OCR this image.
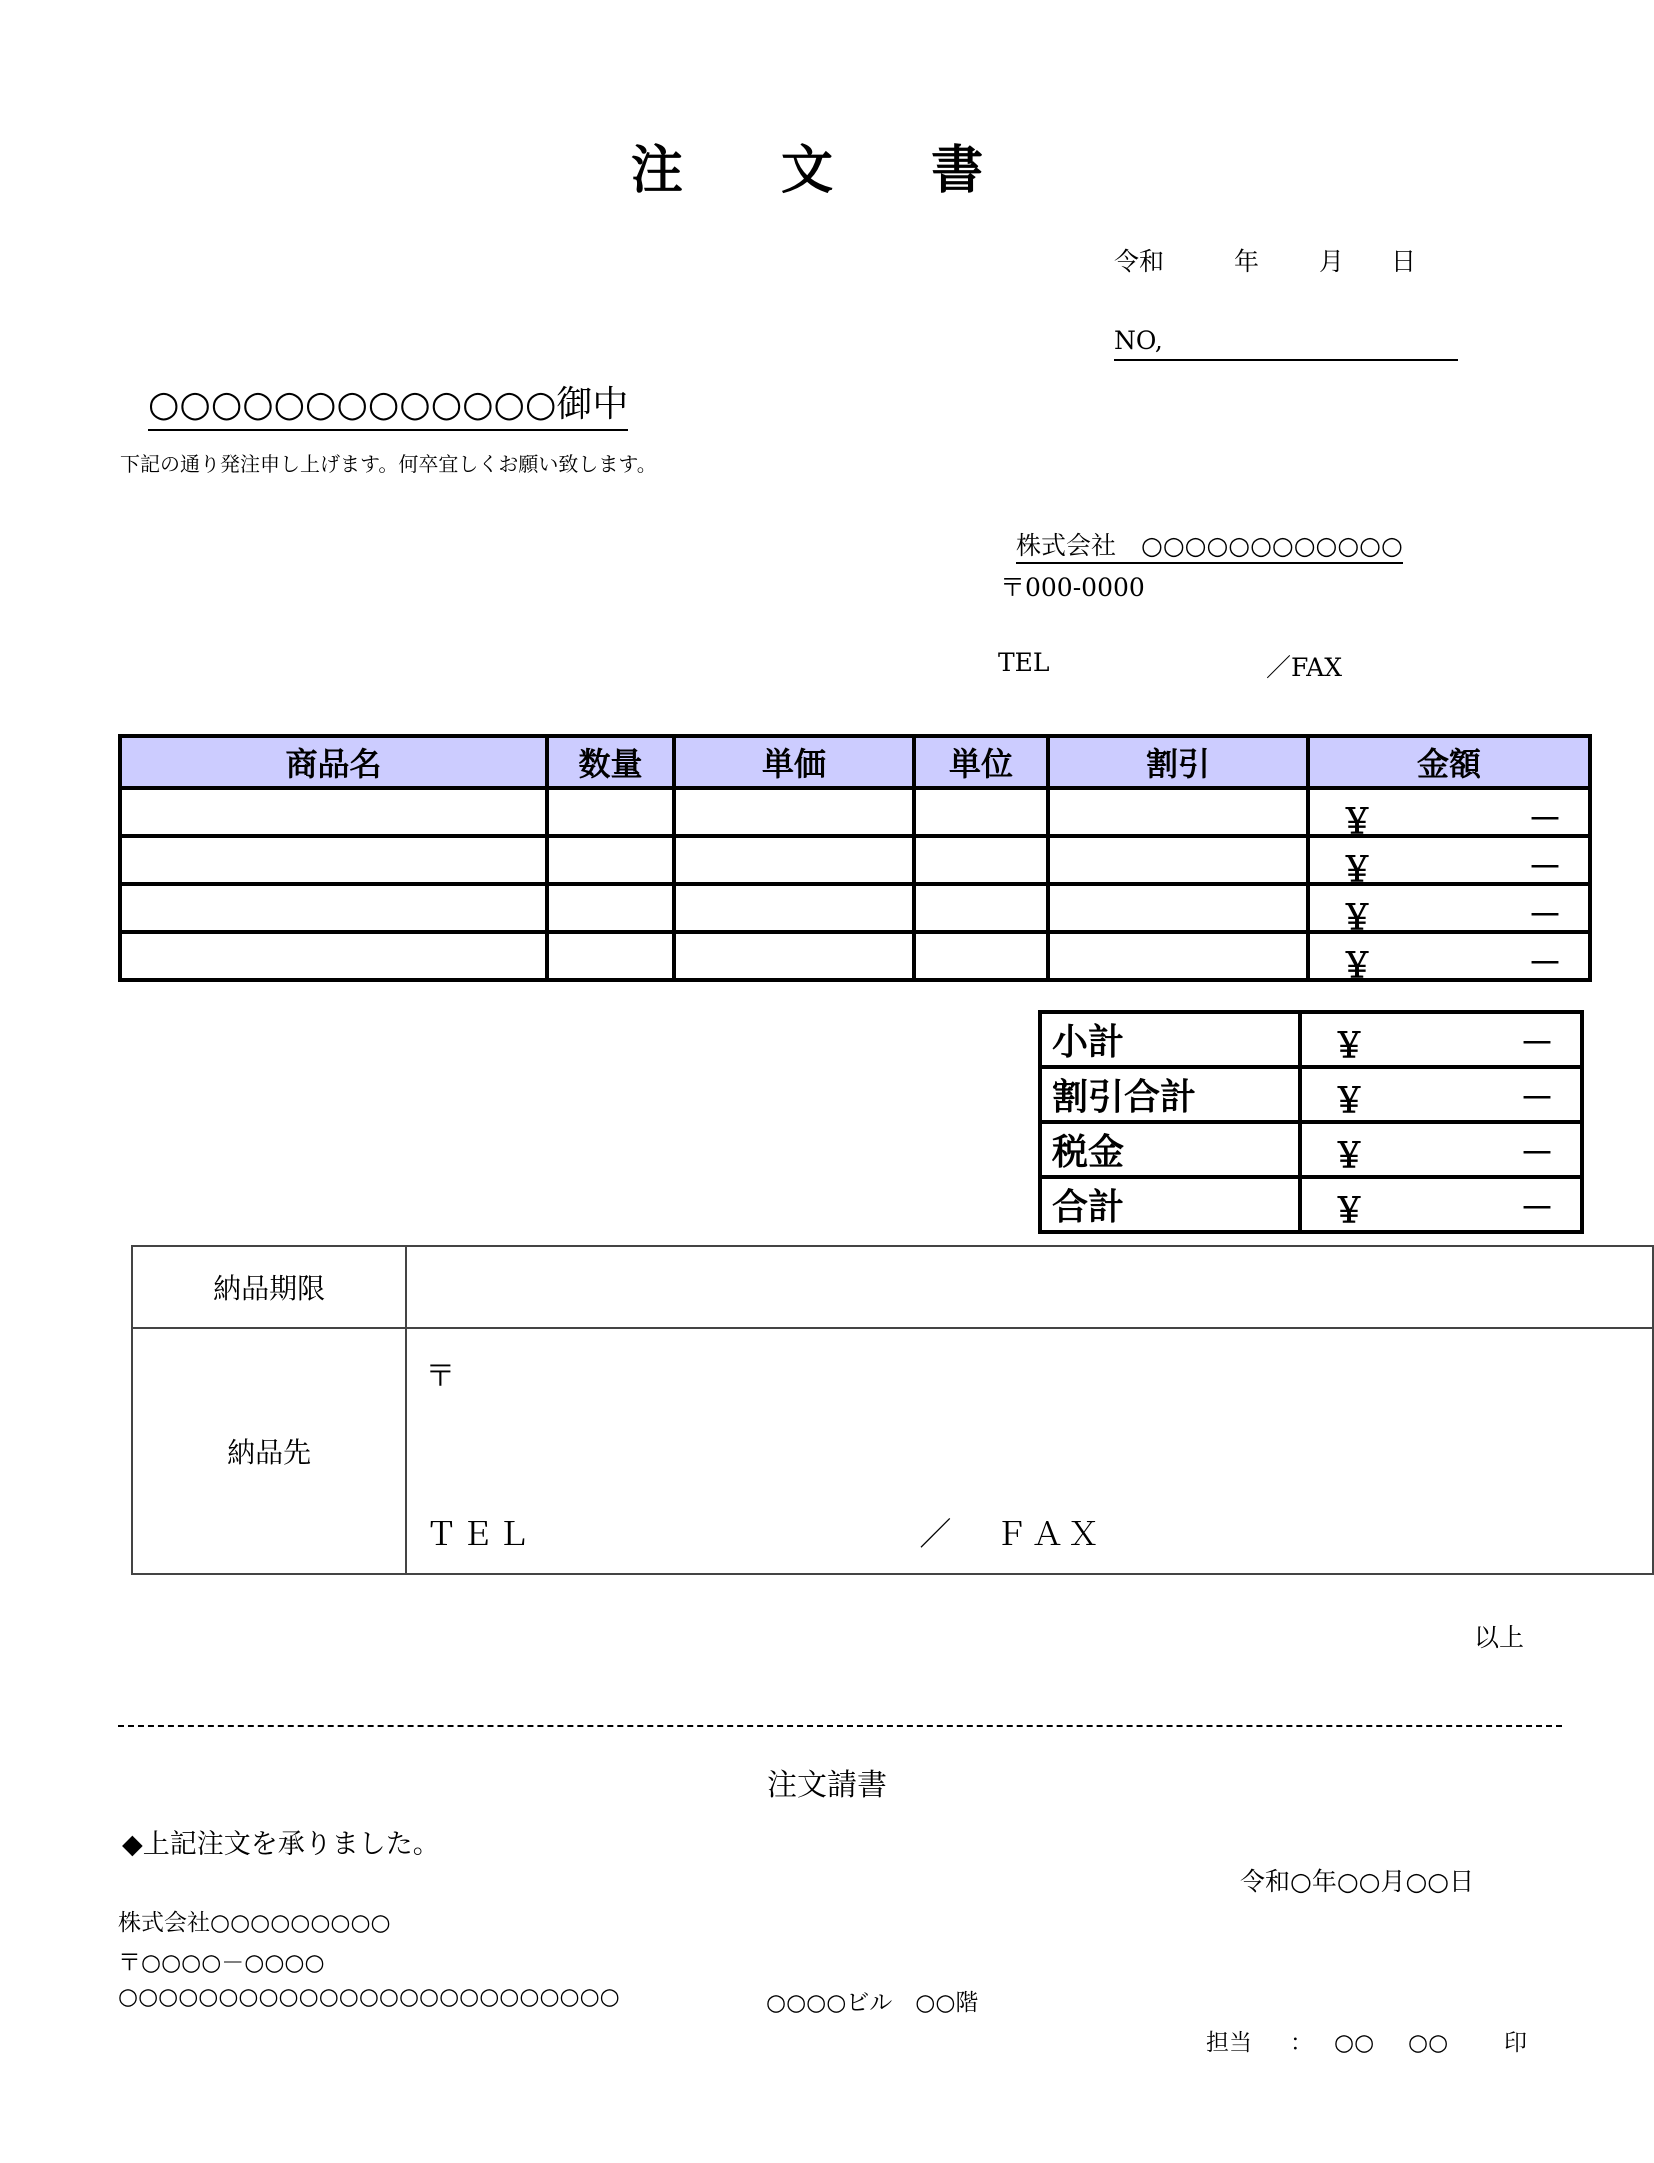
注 文 書
令和	年 月 日
NO,
○○○○○○○○○○○○○御中
下記の通り発注申し上げます。何卒宜しくお願い致します。
株式会社　○○○○○○○○○○○○
〒000-0000
TEL	／FAX
商品名	数量	単価	単位	割引	金額

					￥ －

					￥ －

					￥ －

					￥ －
小計	￥ －

割引合計	￥ －

税金	￥ －

合計	￥ －
納品期限	
納品先	〒
ＴＥＬ ／ ＦＡＸ
以上
注文請書
◆上記注文を承りました。
令和○年○○月○○日
株式会社○○○○○○○○○
〒○○○○－○○○○
○○○○○○○○○○○○○○○○○○○○○○○○○	○○○○ビル　○○階
担当 ： ○○ ○○ 印
